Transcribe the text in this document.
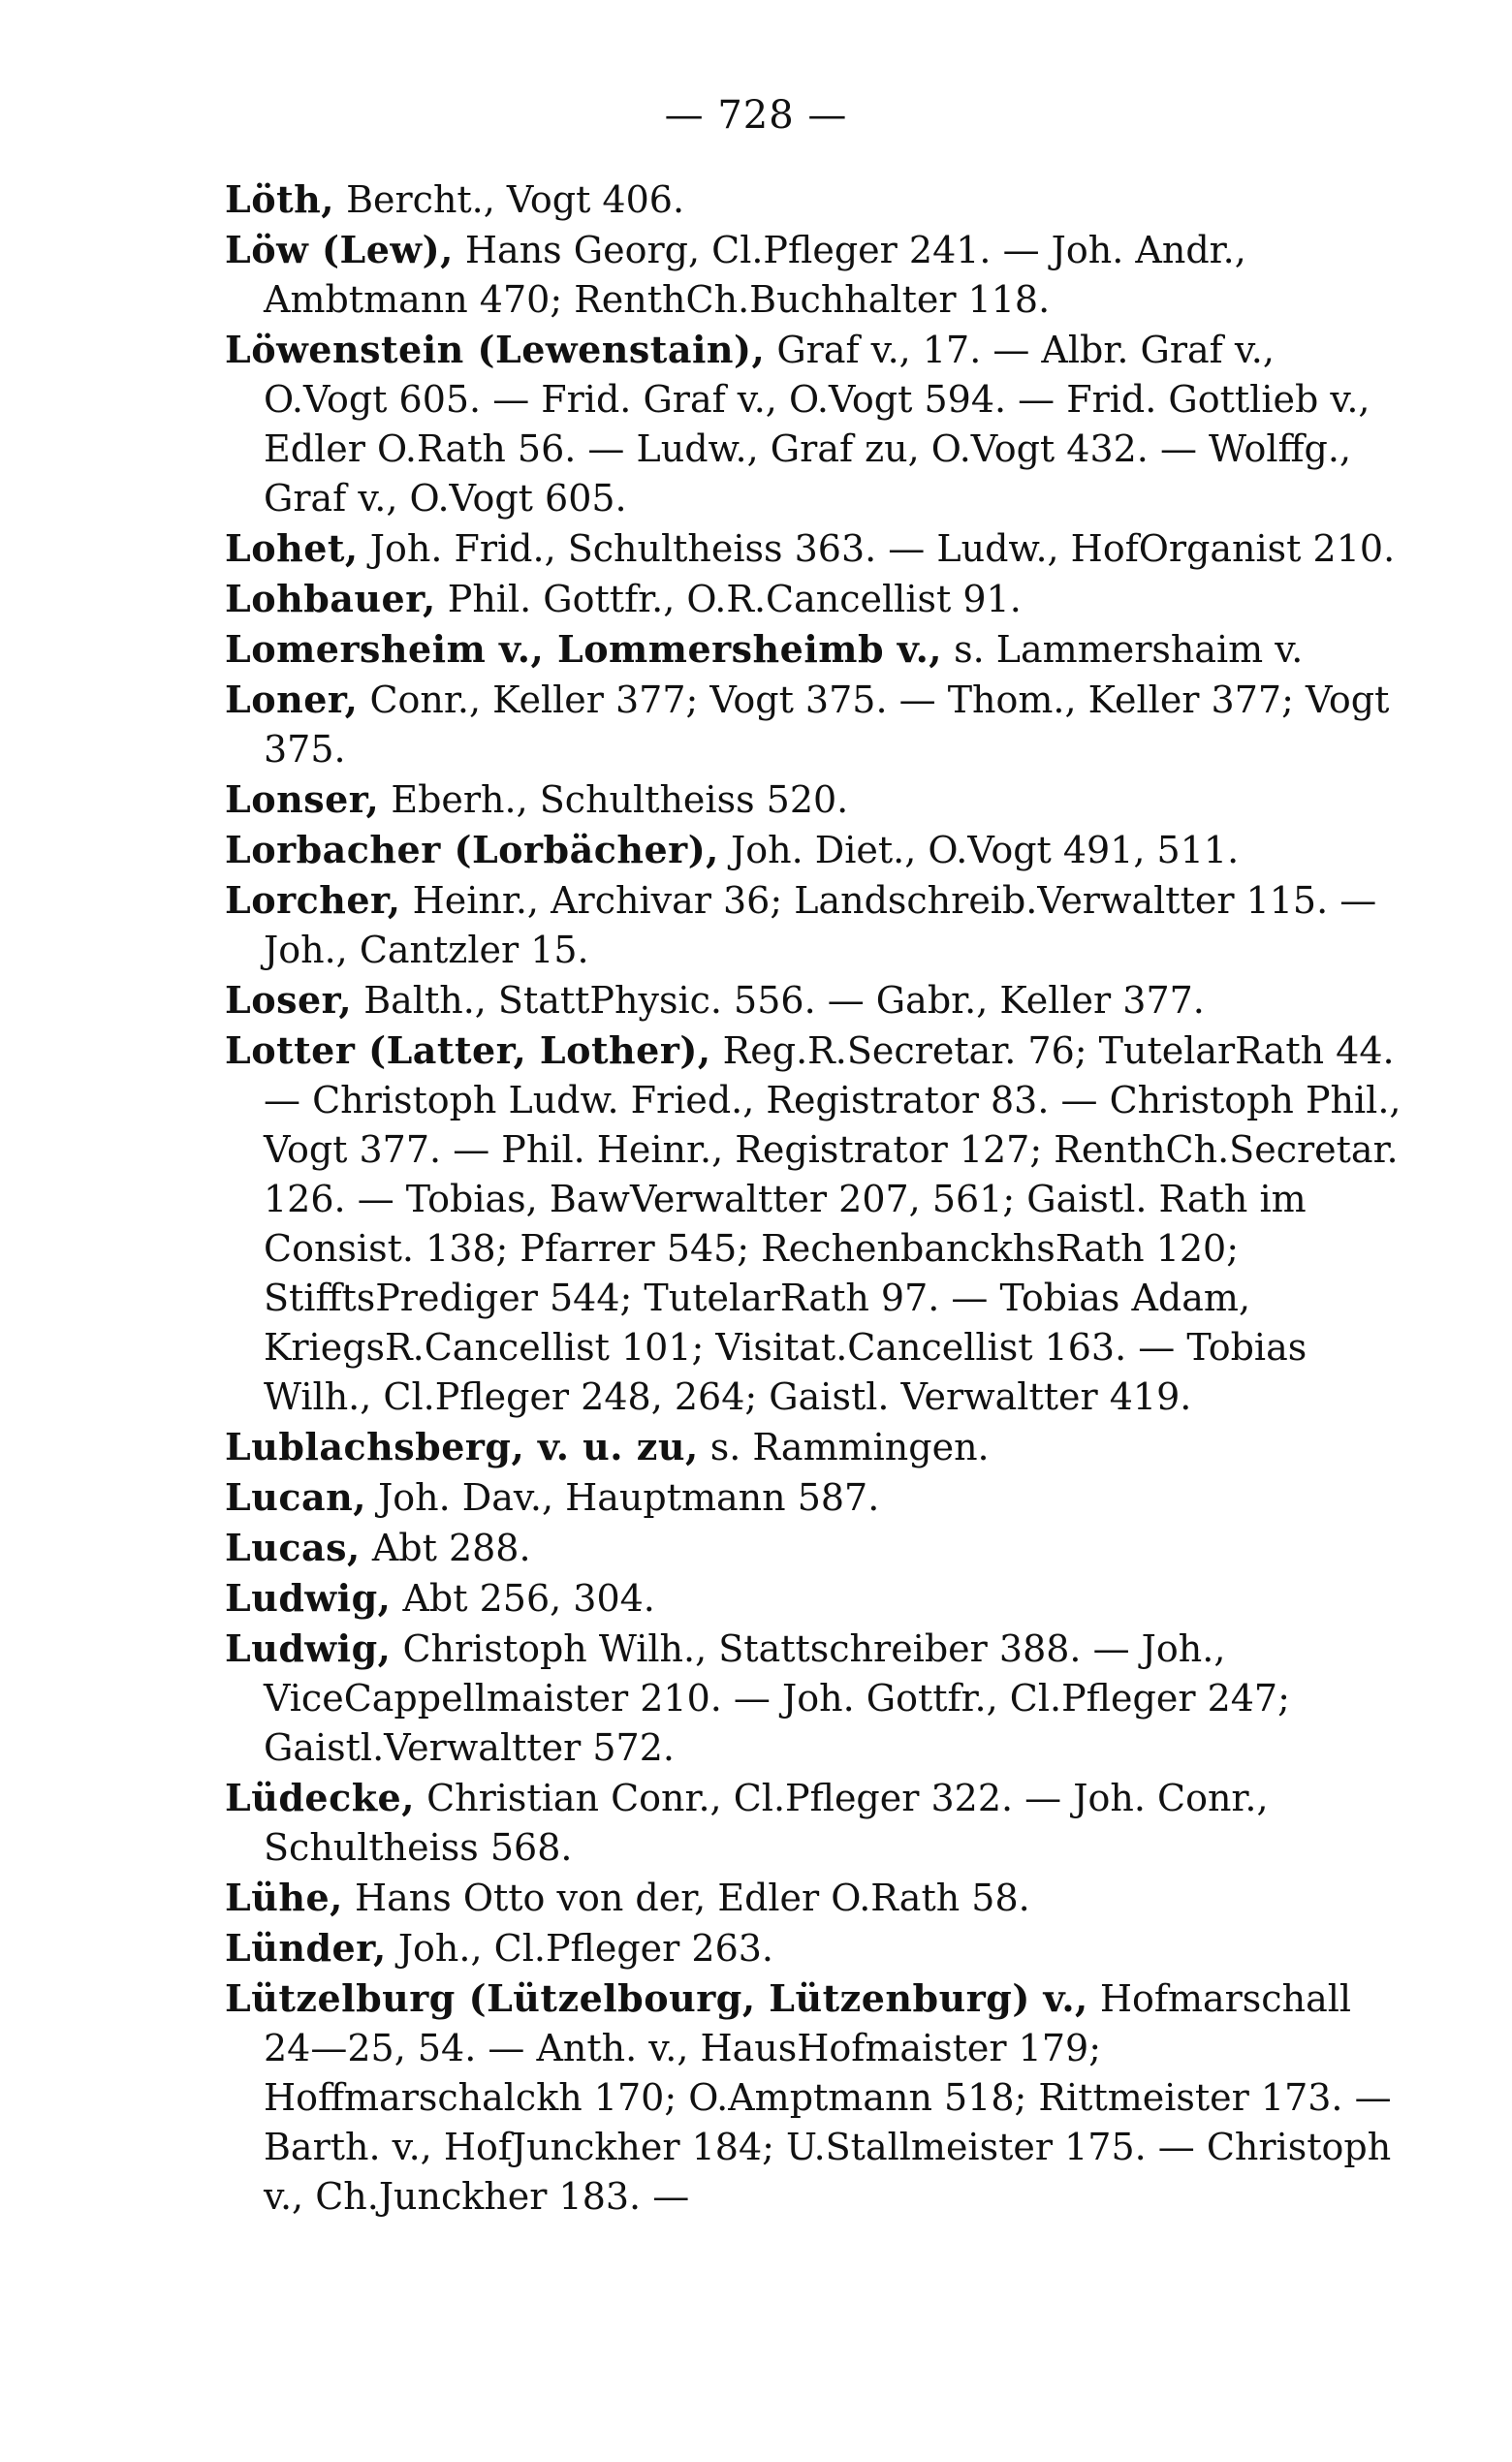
— 728 —
Löth, Bercht., Vogt 406.
Löw (Lew), Hans Georg, Cl.Pfleger 241. — Joh. Andr., Ambtmann 470; RenthCh.Buchhalter 118.
Löwenstein (Lewenstain), Graf v., 17. — Albr. Graf v., O.Vogt 605. — Frid. Graf v., O.Vogt 594. — Frid. Gottlieb v., Edler O.Rath 56. — Ludw., Graf zu, O.Vogt 432. — Wolffg., Graf v., O.Vogt 605.
Lohet, Joh. Frid., Schultheiss 363. — Ludw., HofOrganist 210.
Lohbauer, Phil. Gottfr., O.R.Cancellist 91.
Lomersheim v., Lommersheimb v., s. Lammershaim v.
Loner, Conr., Keller 377; Vogt 375. — Thom., Keller 377; Vogt 375.
Lonser, Eberh., Schultheiss 520.
Lorbacher (Lorbächer), Joh. Diet., O.Vogt 491, 511.
Lorcher, Heinr., Archivar 36; Landschreib.Verwaltter 115. — Joh., Cantzler 15.
Loser, Balth., StattPhysic. 556. — Gabr., Keller 377.
Lotter (Latter, Lother), Reg.R.Secretar. 76; TutelarRath 44. — Christoph Ludw. Fried., Registrator 83. — Christoph Phil., Vogt 377. — Phil. Heinr., Registrator 127; RenthCh.Secretar. 126. — Tobias, BawVerwaltter 207, 561; Gaistl. Rath im Consist. 138; Pfarrer 545; RechenbanckhsRath 120; StifftsPrediger 544; TutelarRath 97. — Tobias Adam, KriegsR.Cancellist 101; Visitat.Cancellist 163. — Tobias Wilh., Cl.Pfleger 248, 264; Gaistl. Verwaltter 419.
Lublachsberg, v. u. zu, s. Rammingen.
Lucan, Joh. Dav., Hauptmann 587.
Lucas, Abt 288.
Ludwig, Abt 256, 304.
Ludwig, Christoph Wilh., Stattschreiber 388. — Joh., ViceCappellmaister 210. — Joh. Gottfr., Cl.Pfleger 247; Gaistl.Verwaltter 572.
Lüdecke, Christian Conr., Cl.Pfleger 322. — Joh. Conr., Schultheiss 568.
Lühe, Hans Otto von der, Edler O.Rath 58.
Lünder, Joh., Cl.Pfleger 263.
Lützelburg (Lützelbourg, Lützenburg) v., Hofmarschall 24—25, 54. — Anth. v., HausHofmaister 179; Hoffmarschalckh 170; O.Amptmann 518; Rittmeister 173. — Barth. v., HofJunckher 184; U.Stallmeister 175. — Christoph v., Ch.Junckher 183. —
